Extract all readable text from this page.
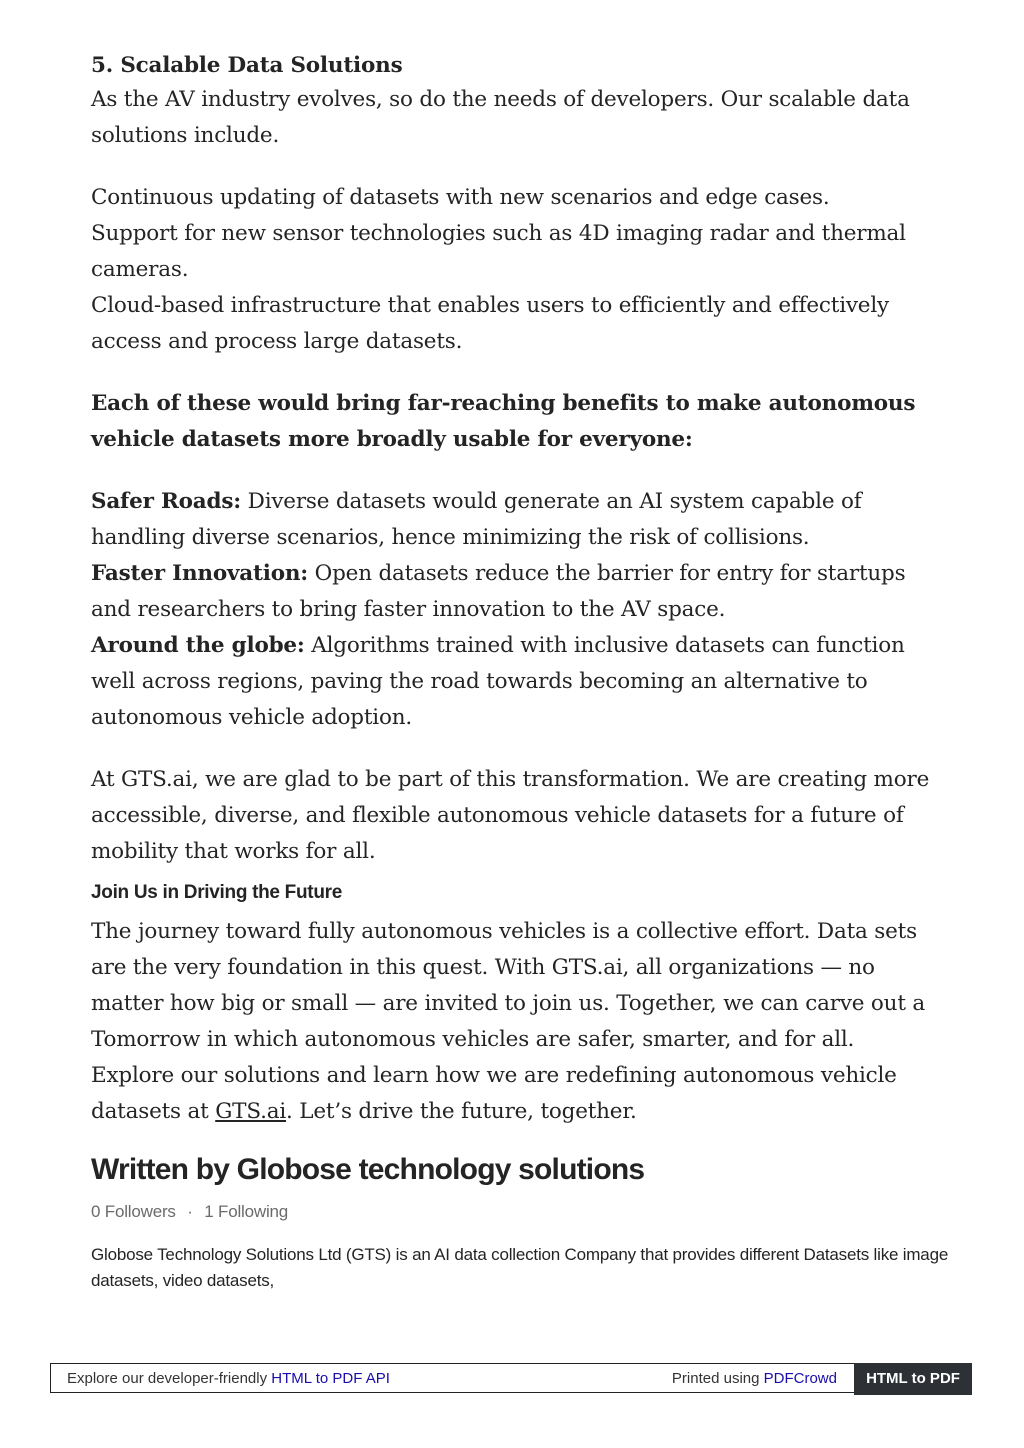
5. Scalable Data Solutions

As the AV industry evolves, so do the needs of developers. Our scalable data solutions include.

Continuous updating of datasets with new scenarios and edge cases.

Support for new sensor technologies such as 4D imaging radar and thermal cameras.

Cloud-based infrastructure that enables users to efficiently and effectively access and process large datasets.

Each of these would bring far-reaching benefits to make autonomous vehicle datasets more broadly usable for everyone:

Safer Roads: Diverse datasets would generate an AI system capable of handling diverse scenarios, hence minimizing the risk of collisions.

Faster Innovation: Open datasets reduce the barrier for entry for startups and researchers to bring faster innovation to the AV space.

Around the globe: Algorithms trained with inclusive datasets can function well across regions, paving the road towards becoming an alternative to autonomous vehicle adoption.

At GTS.ai, we are glad to be part of this transformation. We are creating more accessible, diverse, and flexible autonomous vehicle datasets for a future of mobility that works for all.

Join Us in Driving the Future

The journey toward fully autonomous vehicles is a collective effort. Data sets are the very foundation in this quest. With GTS.ai, all organizations — no matter how big or small — are invited to join us. Together, we can carve out a Tomorrow in which autonomous vehicles are safer, smarter, and for all. Explore our solutions and learn how we are redefining autonomous vehicle datasets at GTS.ai. Let’s drive the future, together.

Written by Globose technology solutions
0 Followers · 1 Following
Globose Technology Solutions Ltd (GTS) is an AI data collection Company that provides different Datasets like image datasets, video datasets,
Explore our developer-friendly HTML to PDF API	Printed using PDFCrowd	HTML to PDF
